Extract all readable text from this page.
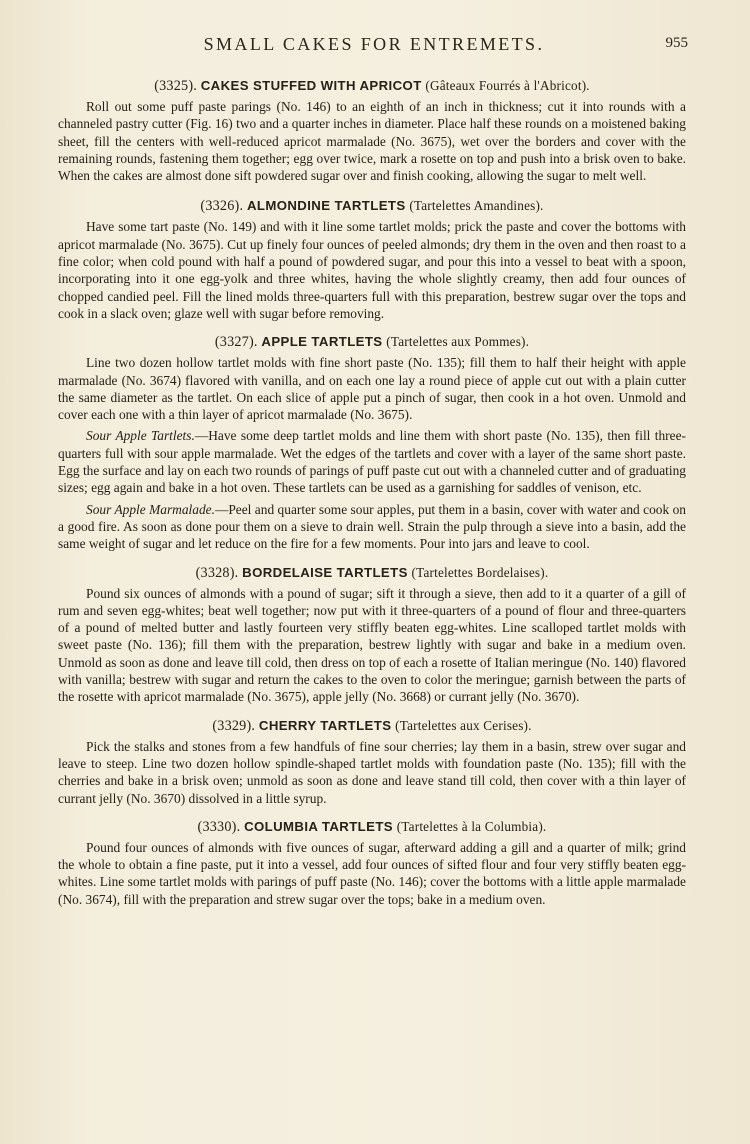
SMALL CAKES FOR ENTREMETS.	955
(3325). CAKES STUFFED WITH APRICOT (Gâteaux Fourrés à l'Abricot).

Roll out some puff paste parings (No. 146) to an eighth of an inch in thickness; cut it into rounds with a channeled pastry cutter (Fig. 16) two and a quarter inches in diameter. Place half these rounds on a moistened baking sheet, fill the centers with well-reduced apricot marmalade (No. 3675), wet over the borders and cover with the remaining rounds, fastening them together; egg over twice, mark a rosette on top and push into a brisk oven to bake. When the cakes are almost done sift powdered sugar over and finish cooking, allowing the sugar to melt well.

(3326). ALMONDINE TARTLETS (Tartelettes Amandines).

Have some tart paste (No. 149) and with it line some tartlet molds; prick the paste and cover the bottoms with apricot marmalade (No. 3675). Cut up finely four ounces of peeled almonds; dry them in the oven and then roast to a fine color; when cold pound with half a pound of powdered sugar, and pour this into a vessel to beat with a spoon, incorporating into it one egg-yolk and three whites, having the whole slightly creamy, then add four ounces of chopped candied peel. Fill the lined molds three-quarters full with this preparation, bestrew sugar over the tops and cook in a slack oven; glaze well with sugar before removing.

(3327). APPLE TARTLETS (Tartelettes aux Pommes).

Line two dozen hollow tartlet molds with fine short paste (No. 135); fill them to half their height with apple marmalade (No. 3674) flavored with vanilla, and on each one lay a round piece of apple cut out with a plain cutter the same diameter as the tartlet. On each slice of apple put a pinch of sugar, then cook in a hot oven. Unmold and cover each one with a thin layer of apricot marmalade (No. 3675).

Sour Apple Tartlets.—Have some deep tartlet molds and line them with short paste (No. 135), then fill three-quarters full with sour apple marmalade. Wet the edges of the tartlets and cover with a layer of the same short paste. Egg the surface and lay on each two rounds of parings of puff paste cut out with a channeled cutter and of graduating sizes; egg again and bake in a hot oven. These tartlets can be used as a garnishing for saddles of venison, etc.

Sour Apple Marmalade.—Peel and quarter some sour apples, put them in a basin, cover with water and cook on a good fire. As soon as done pour them on a sieve to drain well. Strain the pulp through a sieve into a basin, add the same weight of sugar and let reduce on the fire for a few moments. Pour into jars and leave to cool.

(3328). BORDELAISE TARTLETS (Tartelettes Bordelaises).

Pound six ounces of almonds with a pound of sugar; sift it through a sieve, then add to it a quarter of a gill of rum and seven egg-whites; beat well together; now put with it three-quarters of a pound of flour and three-quarters of a pound of melted butter and lastly fourteen very stiffly beaten egg-whites. Line scalloped tartlet molds with sweet paste (No. 136); fill them with the preparation, bestrew lightly with sugar and bake in a medium oven. Unmold as soon as done and leave till cold, then dress on top of each a rosette of Italian meringue (No. 140) flavored with vanilla; bestrew with sugar and return the cakes to the oven to color the meringue; garnish between the parts of the rosette with apricot marmalade (No. 3675), apple jelly (No. 3668) or currant jelly (No. 3670).

(3329). CHERRY TARTLETS (Tartelettes aux Cerises).

Pick the stalks and stones from a few handfuls of fine sour cherries; lay them in a basin, strew over sugar and leave to steep. Line two dozen hollow spindle-shaped tartlet molds with foundation paste (No. 135); fill with the cherries and bake in a brisk oven; unmold as soon as done and leave stand till cold, then cover with a thin layer of currant jelly (No. 3670) dissolved in a little syrup.

(3330). COLUMBIA TARTLETS (Tartelettes à la Columbia).

Pound four ounces of almonds with five ounces of sugar, afterward adding a gill and a quarter of milk; grind the whole to obtain a fine paste, put it into a vessel, add four ounces of sifted flour and four very stiffly beaten egg-whites. Line some tartlet molds with parings of puff paste (No. 146); cover the bottoms with a little apple marmalade (No. 3674), fill with the preparation and strew sugar over the tops; bake in a medium oven.
